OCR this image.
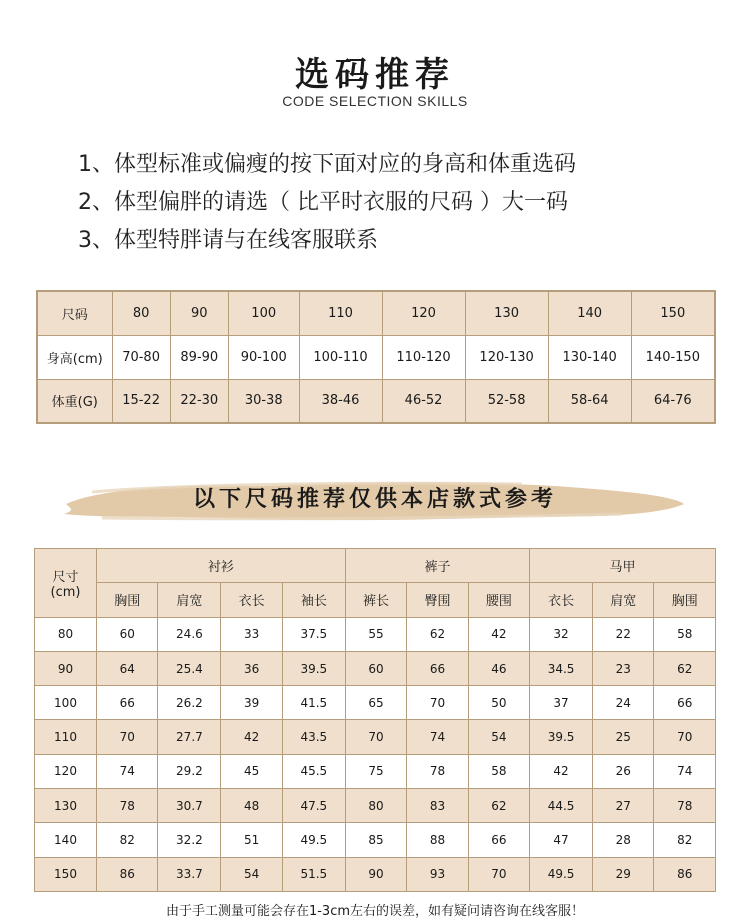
选码推荐
CODE SELECTION SKILLS
1、体型标准或偏瘦的按下面对应的身高和体重选码
2、体型偏胖的请选（ 比平时衣服的尺码 ）大一码
3、体型特胖请与在线客服联系
尺码	80	90	100	110	120	130	140	150
身高(cm)	70-80	89-90	90-100	100-110	110-120	120-130	130-140	140-150
体重(G)	15-22	22-30	30-38	38-46	46-52	52-58	58-64	64-76
以下尺码推荐仅供本店款式参考
尺寸
(cm)	衬衫				裤子			马甲		
	胸围	肩宽	衣长	袖长	裤长	臀围	腰围	衣长	肩宽	胸围
80	60	24.6	33	37.5	55	62	42	32	22	58
90	64	25.4	36	39.5	60	66	46	34.5	23	62
100	66	26.2	39	41.5	65	70	50	37	24	66
110	70	27.7	42	43.5	70	74	54	39.5	25	70
120	74	29.2	45	45.5	75	78	58	42	26	74
130	78	30.7	48	47.5	80	83	62	44.5	27	78
140	82	32.2	51	49.5	85	88	66	47	28	82
150	86	33.7	54	51.5	90	93	70	49.5	29	86
由于手工测量可能会存在1-3cm左右的误差，如有疑问请咨询在线客服！
